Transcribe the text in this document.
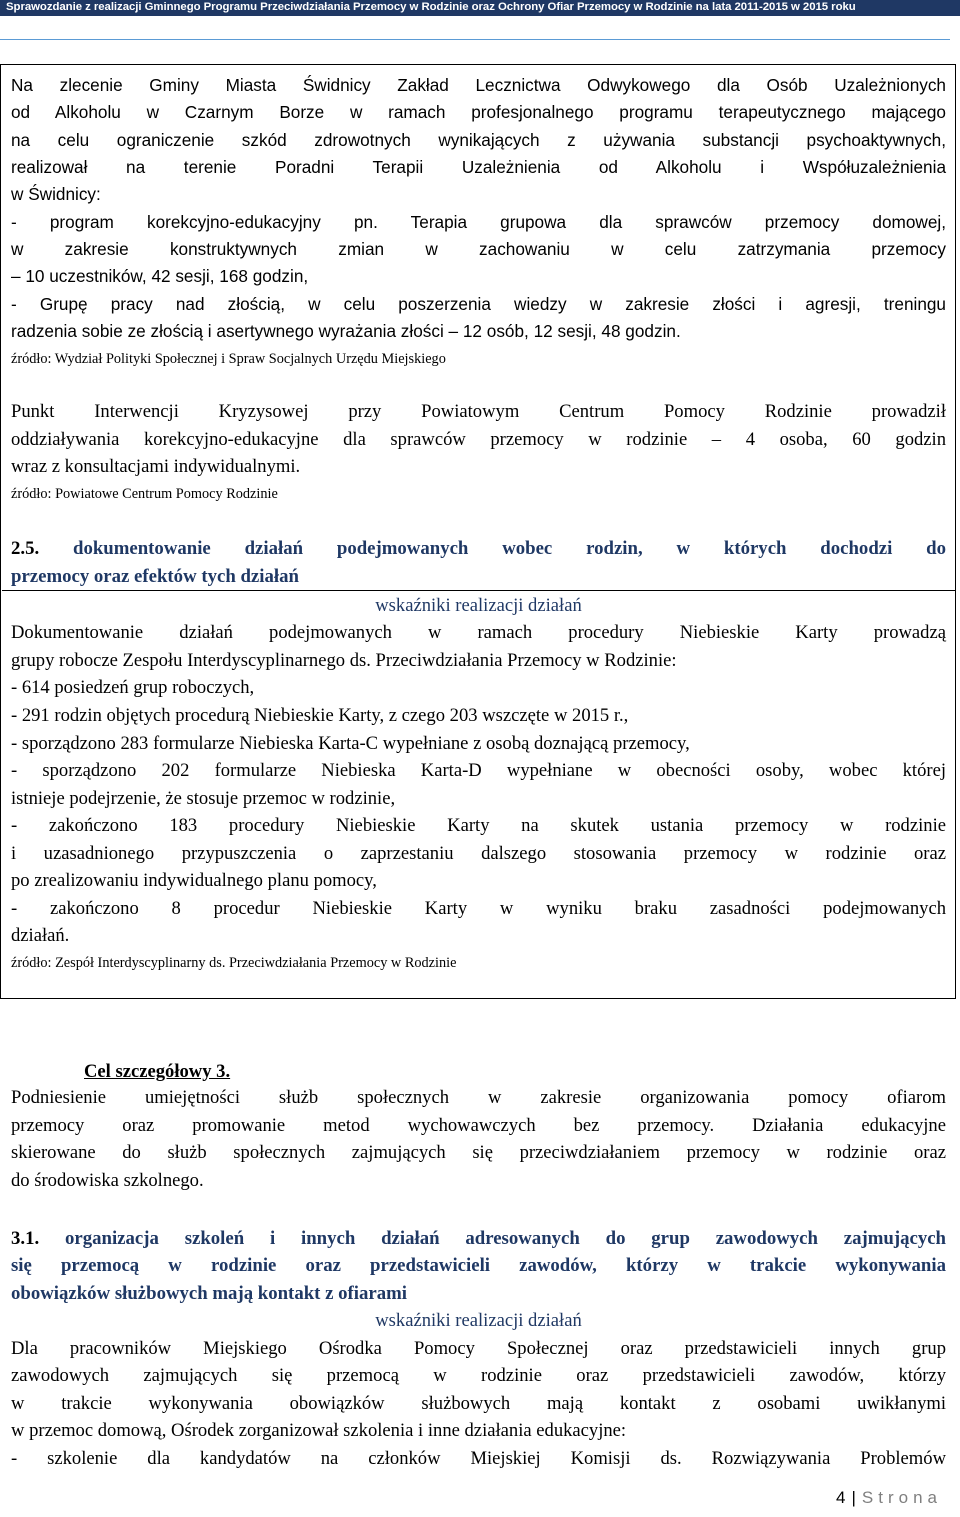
Sprawozdanie z realizacji Gminnego Programu Przeciwdziałania Przemocy w Rodzinie oraz Ochrony Ofiar Przemocy w Rodzinie na lata 2011-2015 w 2015 roku

Na zlecenie Gminy Miasta Świdnicy Zakład Lecznictwa Odwykowego dla Osób Uzależnionych

od Alkoholu w Czarnym Borze w ramach profesjonalnego programu terapeutycznego mającego

na celu ograniczenie szkód zdrowotnych wynikających z używania substancji psychoaktywnych,

realizował na terenie Poradni Terapii Uzależnienia od Alkoholu i Współuzależnienia

w Świdnicy:

- program korekcyjno-edukacyjny pn. Terapia grupowa dla sprawców przemocy domowej,

w zakresie konstruktywnych zmian w zachowaniu w celu zatrzymania przemocy

– 10 uczestników, 42 sesji, 168 godzin,

- Grupę pracy nad złością, w celu poszerzenia wiedzy w zakresie złości i agresji, treningu

radzenia sobie ze złością i asertywnego wyrażania złości – 12 osób, 12 sesji, 48 godzin.

źródło: Wydział Polityki Społecznej i Spraw Socjalnych Urzędu Miejskiego

Punkt Interwencji Kryzysowej przy Powiatowym Centrum Pomocy Rodzinie prowadził

oddziaływania korekcyjno-edukacyjne dla sprawców przemocy w rodzinie – 4 osoba, 60 godzin

wraz z konsultacjami indywidualnymi.

źródło: Powiatowe Centrum Pomocy Rodzinie

2.5. dokumentowanie działań podejmowanych wobec rodzin, w których dochodzi do

przemocy oraz efektów tych działań

wskaźniki realizacji działań

Dokumentowanie działań podejmowanych w ramach procedury Niebieskie Karty prowadzą

grupy robocze Zespołu Interdyscyplinarnego ds. Przeciwdziałania Przemocy w Rodzinie:

- 614 posiedzeń grup roboczych,

- 291 rodzin objętych procedurą Niebieskie Karty, z czego 203 wszczęte w 2015 r.,

- sporządzono 283 formularze Niebieska Karta-C wypełniane z osobą doznającą przemocy,

- sporządzono 202 formularze Niebieska Karta-D wypełniane w obecności osoby, wobec której

istnieje podejrzenie, że stosuje przemoc w rodzinie,

- zakończono 183 procedury Niebieskie Karty na skutek ustania przemocy w rodzinie

i uzasadnionego przypuszczenia o zaprzestaniu dalszego stosowania przemocy w rodzinie oraz

po zrealizowaniu indywidualnego planu pomocy,

- zakończono 8 procedur Niebieskie Karty w wyniku braku zasadności podejmowanych

działań.

źródło: Zespół Interdyscyplinarny ds. Przeciwdziałania Przemocy w Rodzinie

Cel szczegółowy 3.

Podniesienie umiejętności służb społecznych w zakresie organizowania pomocy ofiarom

przemocy oraz promowanie metod wychowawczych bez przemocy. Działania edukacyjne

skierowane do służb społecznych zajmujących się przeciwdziałaniem przemocy w rodzinie oraz

do środowiska szkolnego.

3.1. organizacja szkoleń i innych działań adresowanych do grup zawodowych zajmujących

się przemocą w rodzinie oraz przedstawicieli zawodów, którzy w trakcie wykonywania

obowiązków służbowych mają kontakt z ofiarami

wskaźniki realizacji działań

Dla pracowników Miejskiego Ośrodka Pomocy Społecznej oraz przedstawicieli innych grup

zawodowych zajmujących się przemocą w rodzinie oraz przedstawicieli zawodów, którzy

w trakcie wykonywania obowiązków służbowych mają kontakt z osobami uwikłanymi

w przemoc domową, Ośrodek zorganizował szkolenia i inne działania edukacyjne:

- szkolenie dla kandydatów na członków Miejskiej Komisji ds. Rozwiązywania Problemów

4 | Strona
